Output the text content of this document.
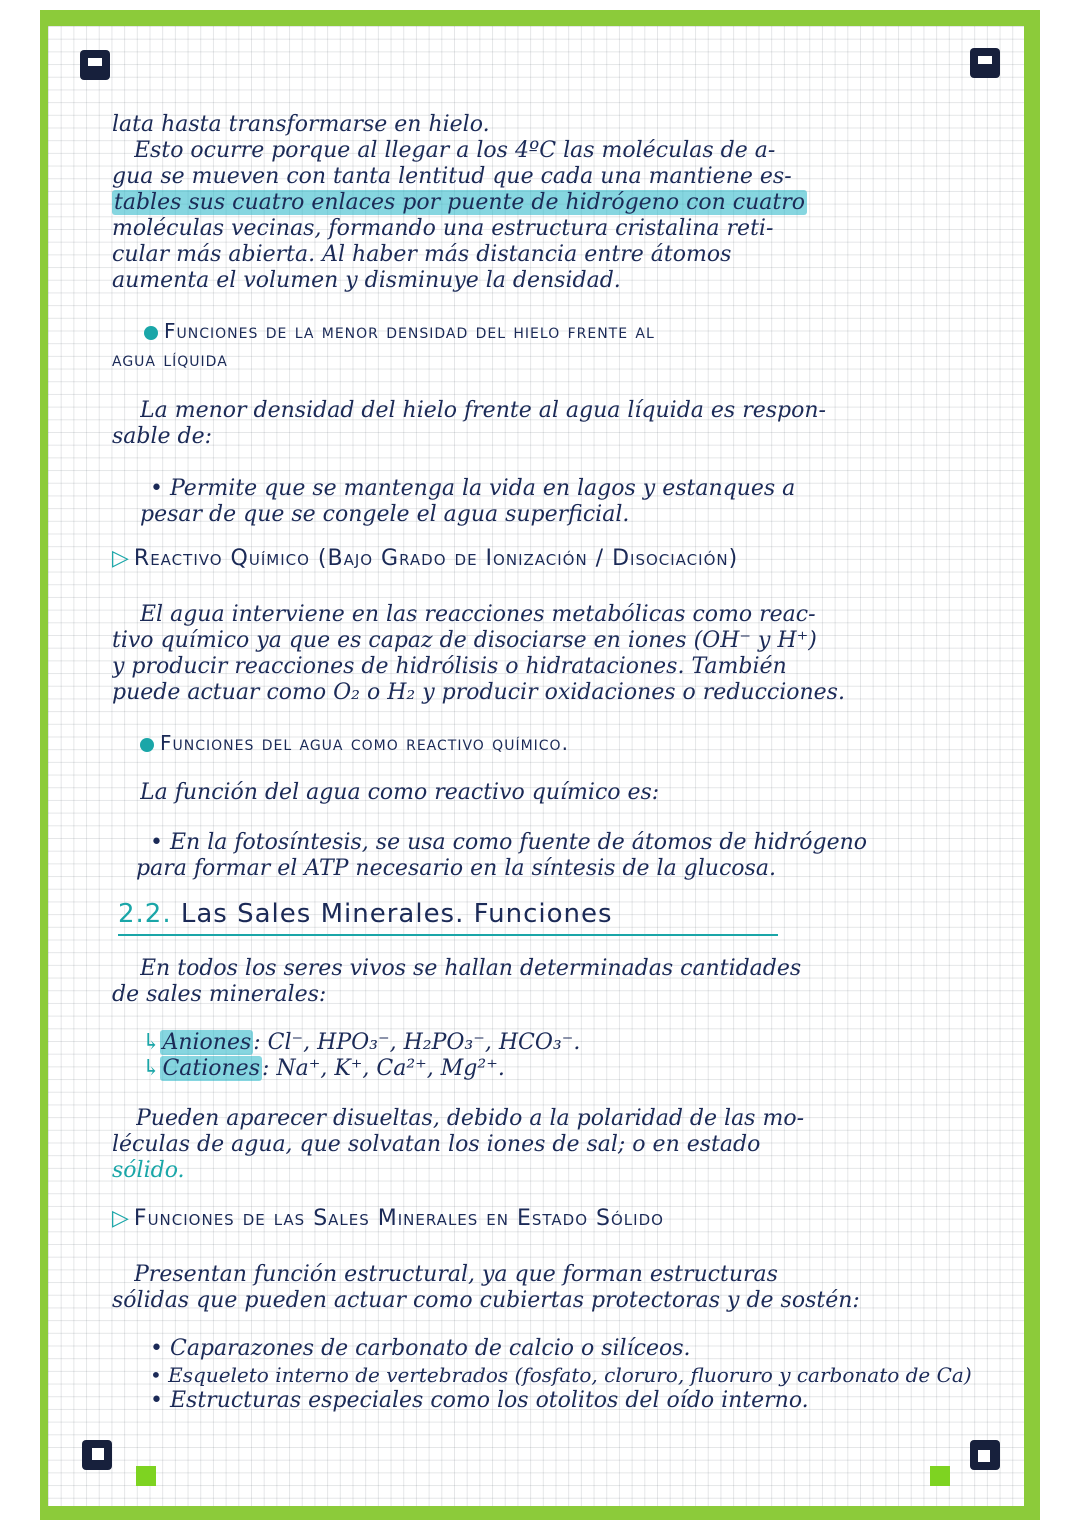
lata hasta transformarse en hielo.
Esto ocurre porque al llegar a los 4ºC las moléculas de a-
gua se mueven con tanta lentitud que cada una mantiene es-
tables sus cuatro enlaces por puente de hidrógeno con cuatro
moléculas vecinas, formando una estructura cristalina reti-
cular más abierta. Al haber más distancia entre átomos
aumenta el volumen y disminuye la densidad.
Funciones de la menor densidad del hielo frente al
agua líquida
La menor densidad del hielo frente al agua líquida es respon-
sable de:
• Permite que se mantenga la vida en lagos y estanques a
pesar de que se congele el agua superficial.
▷ Reactivo Químico (Bajo Grado de Ionización / Disociación)
El agua interviene en las reacciones metabólicas como reac-
tivo químico ya que es capaz de disociarse en iones (OH⁻ y H⁺)
y producir reacciones de hidrólisis o hidrataciones. También
puede actuar como O₂ o H₂ y producir oxidaciones o reducciones.
Funciones del agua como reactivo químico.
La función del agua como reactivo químico es:
• En la fotosíntesis, se usa como fuente de átomos de hidrógeno
para formar el ATP necesario en la síntesis de la glucosa.
2.2. Las Sales Minerales. Funciones
En todos los seres vivos se hallan determinadas cantidades
de sales minerales:
↳Aniones: Cl⁻, HPO₃⁻, H₂PO₃⁻, HCO₃⁻.
↳Cationes: Na⁺, K⁺, Ca²⁺, Mg²⁺.
Pueden aparecer disueltas, debido a la polaridad de las mo-
léculas de agua, que solvatan los iones de sal; o en estado
sólido.
▷ Funciones de las Sales Minerales en Estado Sólido
Presentan función estructural, ya que forman estructuras
sólidas que pueden actuar como cubiertas protectoras y de sostén:
• Caparazones de carbonato de calcio o silíceos.
• Esqueleto interno de vertebrados (fosfato, cloruro, fluoruro y carbonato de Ca)
• Estructuras especiales como los otolitos del oído interno.
